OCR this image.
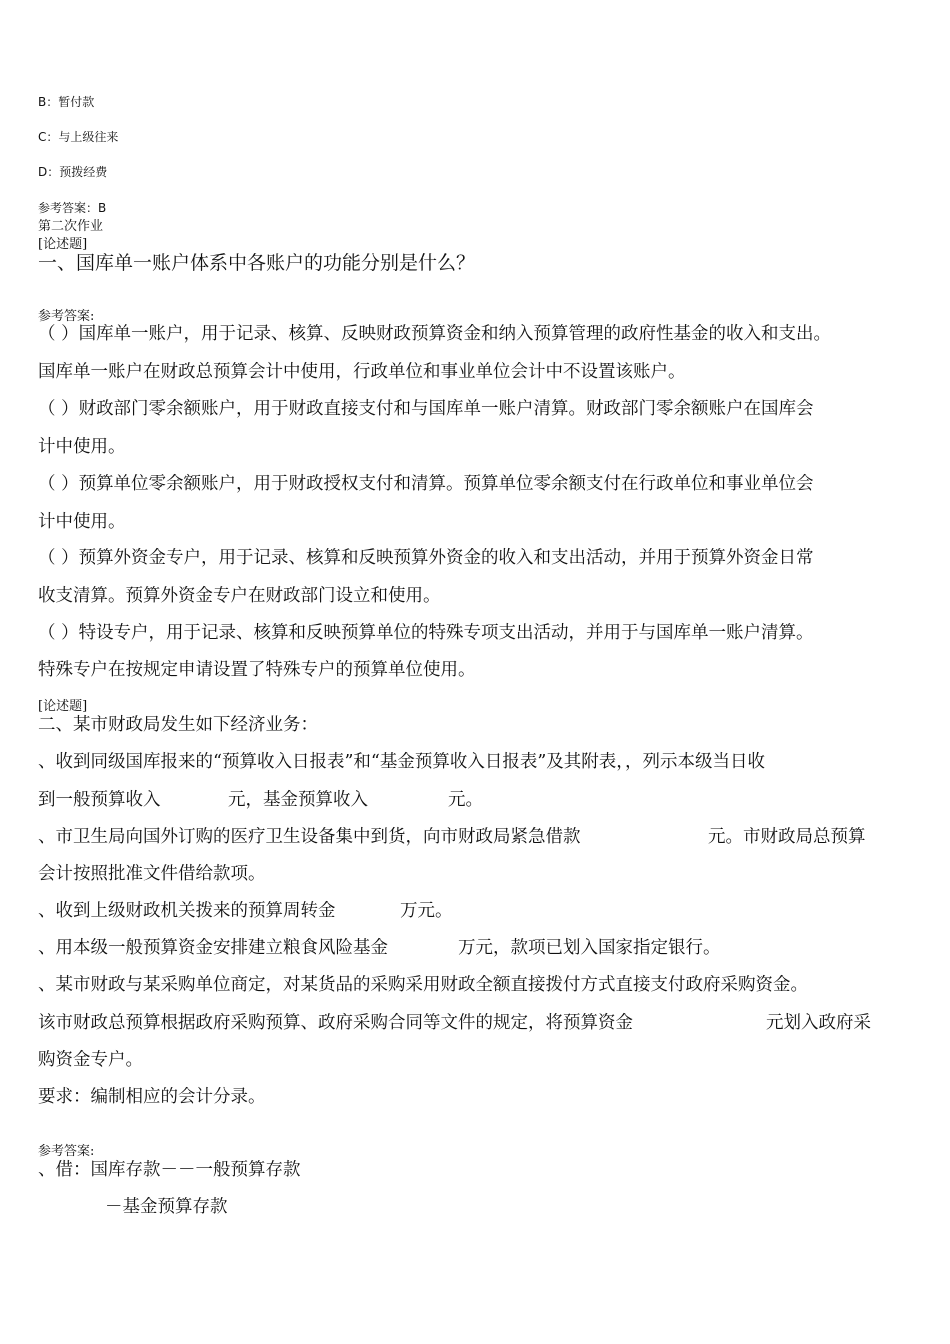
B：暂付款
C：与上级往来
D：预拨经费
参考答案：B
第二次作业
[论述题]
一、国库单一账户体系中各账户的功能分别是什么？
参考答案:
（ ）国库单一账户，用于记录、核算、反映财政预算资金和纳入预算管理的政府性基金的收入和支出。
国库单一账户在财政总预算会计中使用，行政单位和事业单位会计中不设置该账户。
（ ）财政部门零余额账户，用于财政直接支付和与国库单一账户清算。财政部门零余额账户在国库会
计中使用。
（ ）预算单位零余额账户，用于财政授权支付和清算。预算单位零余额支付在行政单位和事业单位会
计中使用。
（ ）预算外资金专户，用于记录、核算和反映预算外资金的收入和支出活动，并用于预算外资金日常
收支清算。预算外资金专户在财政部门设立和使用。
（ ）特设专户，用于记录、核算和反映预算单位的特殊专项支出活动，并用于与国库单一账户清算。
特殊专户在按规定申请设置了特殊专户的预算单位使用。
[论述题]
二、某市财政局发生如下经济业务：
、收到同级国库报来的“预算收入日报表”和“基金预算收入日报表”及其附表，，列示本级当日收
到一般预算收入	元，基金预算收入	元。
、市卫生局向国外订购的医疗卫生设备集中到货，向市财政局紧急借款	元。市财政局总预算
会计按照批准文件借给款项。
、收到上级财政机关拨来的预算周转金	万元。
、用本级一般预算资金安排建立粮食风险基金	万元，款项已划入国家指定银行。
、某市财政与某采购单位商定，对某货品的采购采用财政全额直接拨付方式直接支付政府采购资金。
该市财政总预算根据政府采购预算、政府采购合同等文件的规定，将预算资金	元划入政府采
购资金专户。
要求：编制相应的会计分录。
参考答案:
、借：国库存款－－一般预算存款
－基金预算存款
